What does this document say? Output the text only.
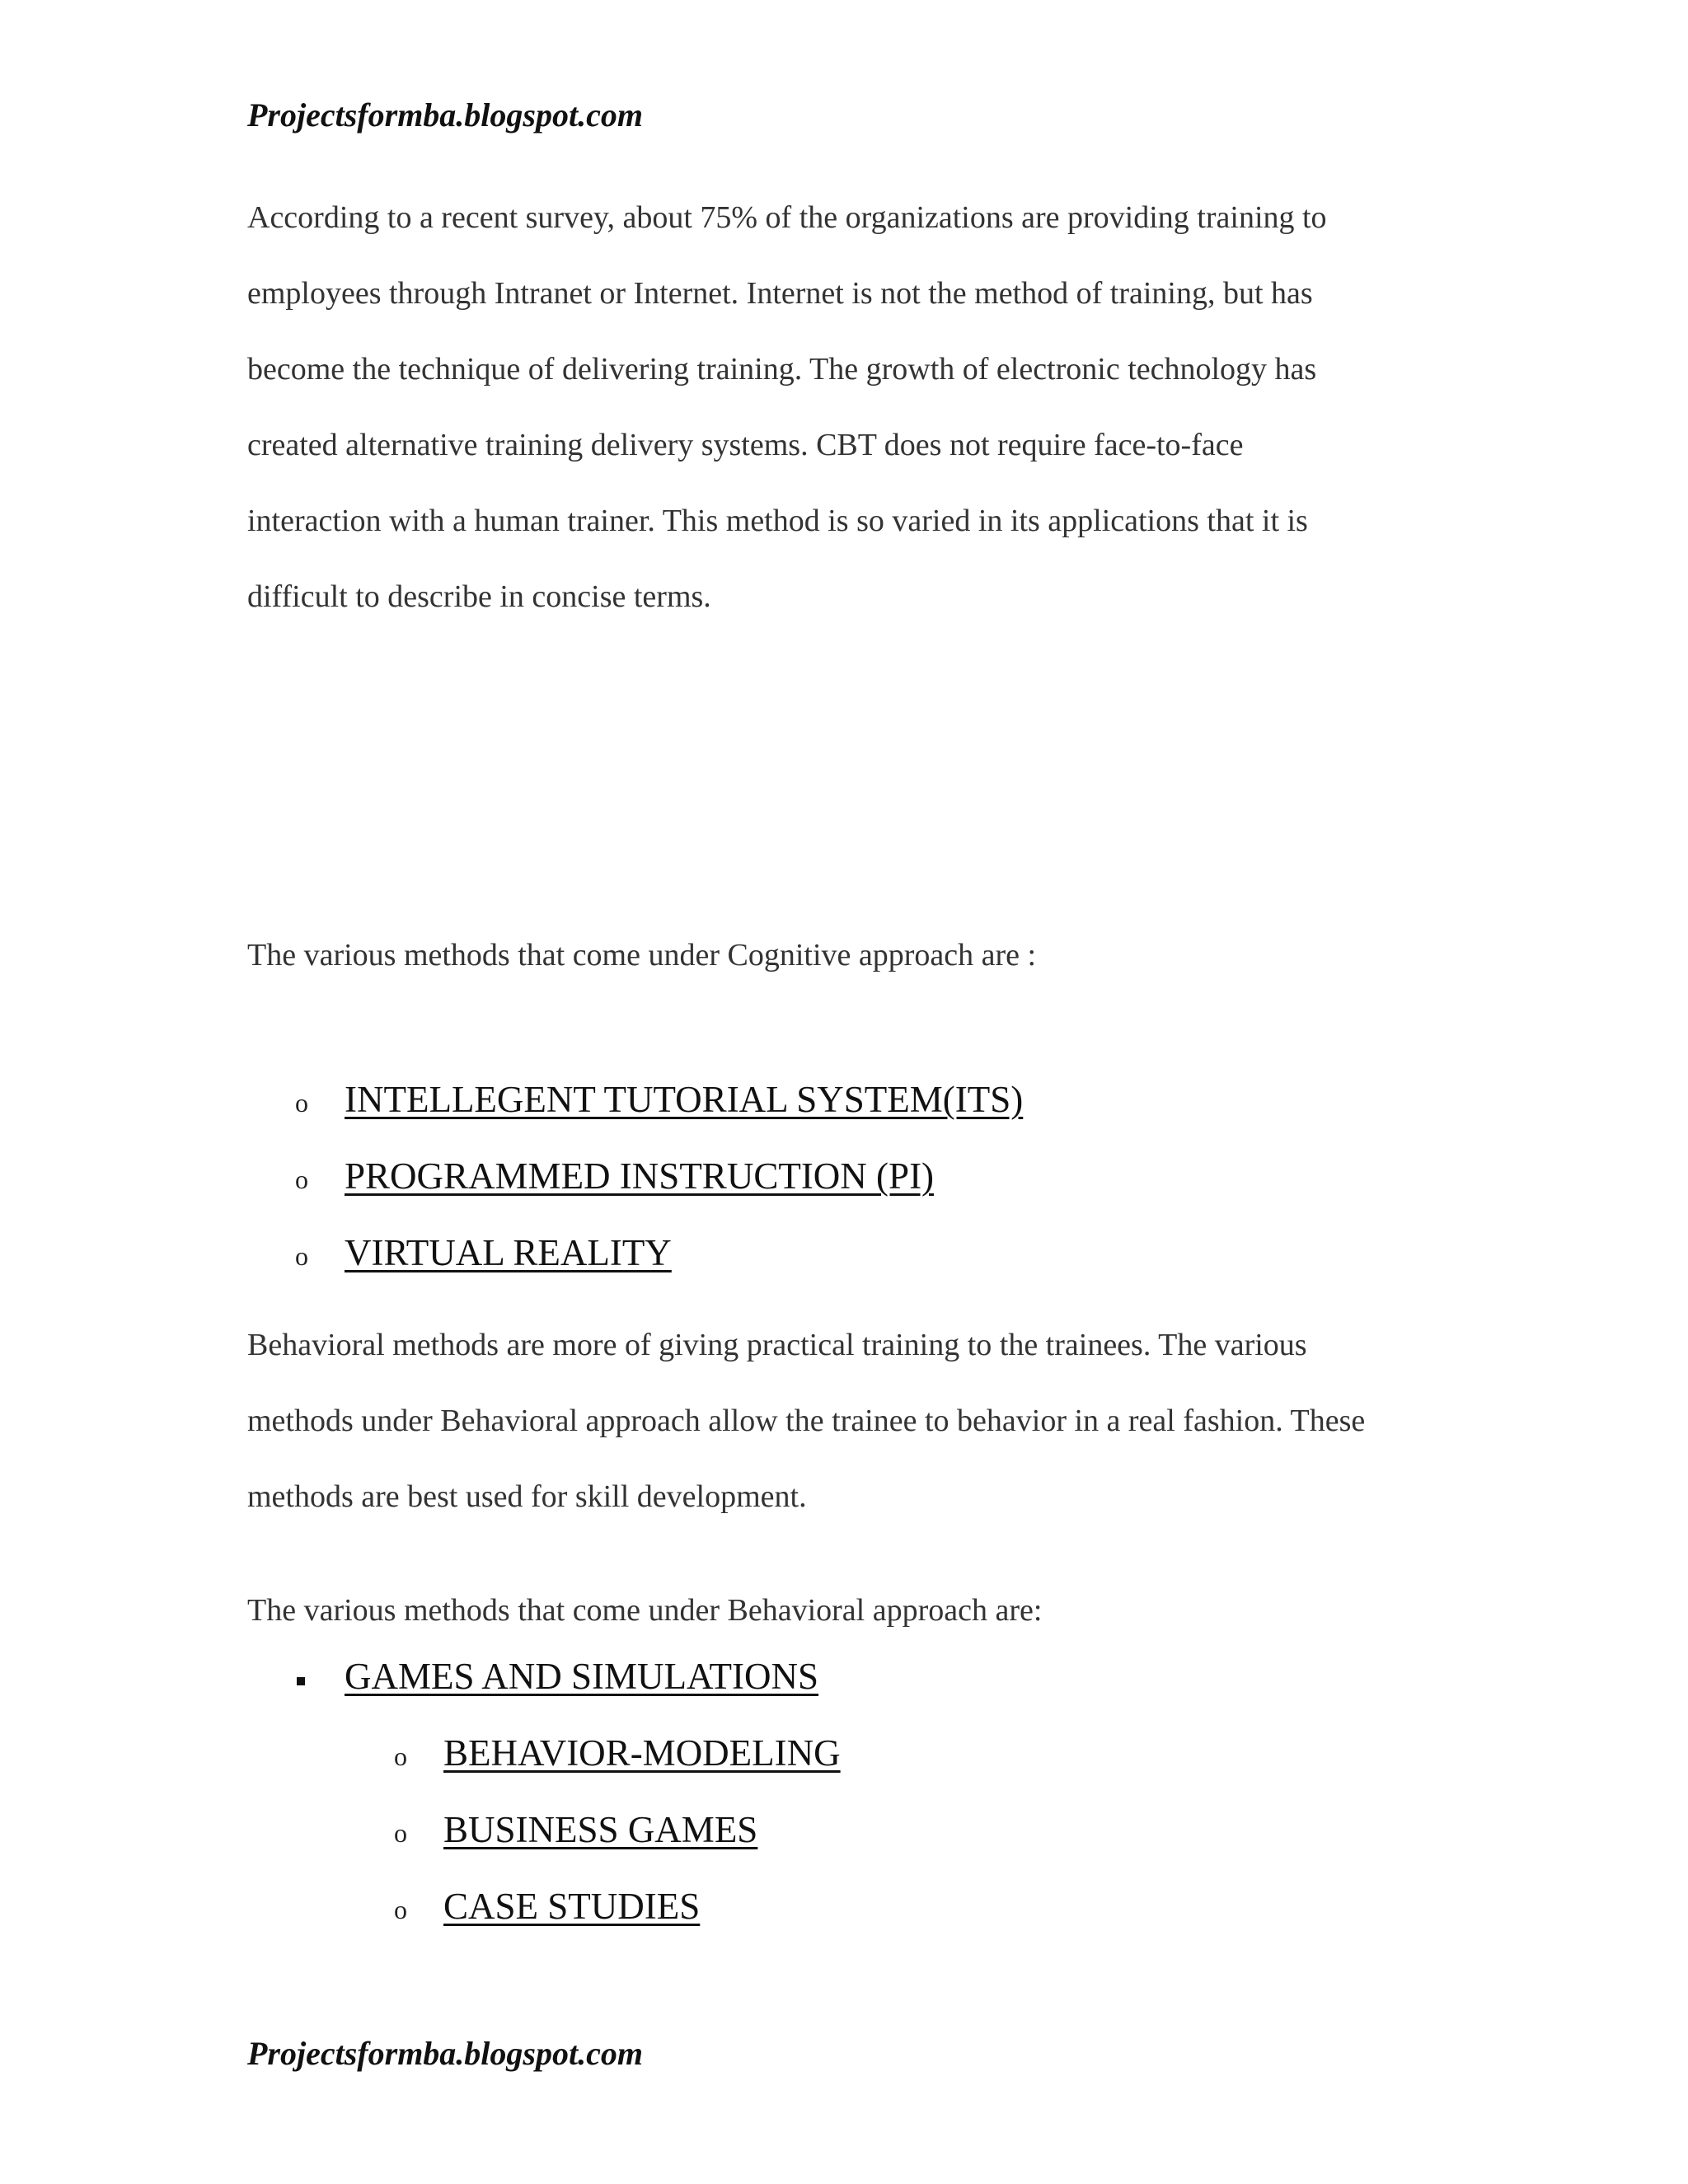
Projectsformba.blogspot.com

According to a recent survey, about 75% of the organizations are providing training to
employees through Intranet or Internet. Internet is not the method of training, but has
become the technique of delivering training. The growth of electronic technology has
created alternative training delivery systems. CBT does not require face-to-face
interaction with a human trainer. This method is so varied in its applications that it is
difficult to describe in concise terms.

The various methods that come under Cognitive approach are :

o INTELLEGENT TUTORIAL SYSTEM(ITS)
o PROGRAMMED INSTRUCTION (PI)
o VIRTUAL REALITY

Behavioral methods are more of giving practical training to the trainees. The various
methods under Behavioral approach allow the trainee to behavior in a real fashion. These
methods are best used for skill development.

The various methods that come under Behavioral approach are:

GAMES AND SIMULATIONS
o BEHAVIOR-MODELING
o BUSINESS GAMES
o CASE STUDIES

Projectsformba.blogspot.com
